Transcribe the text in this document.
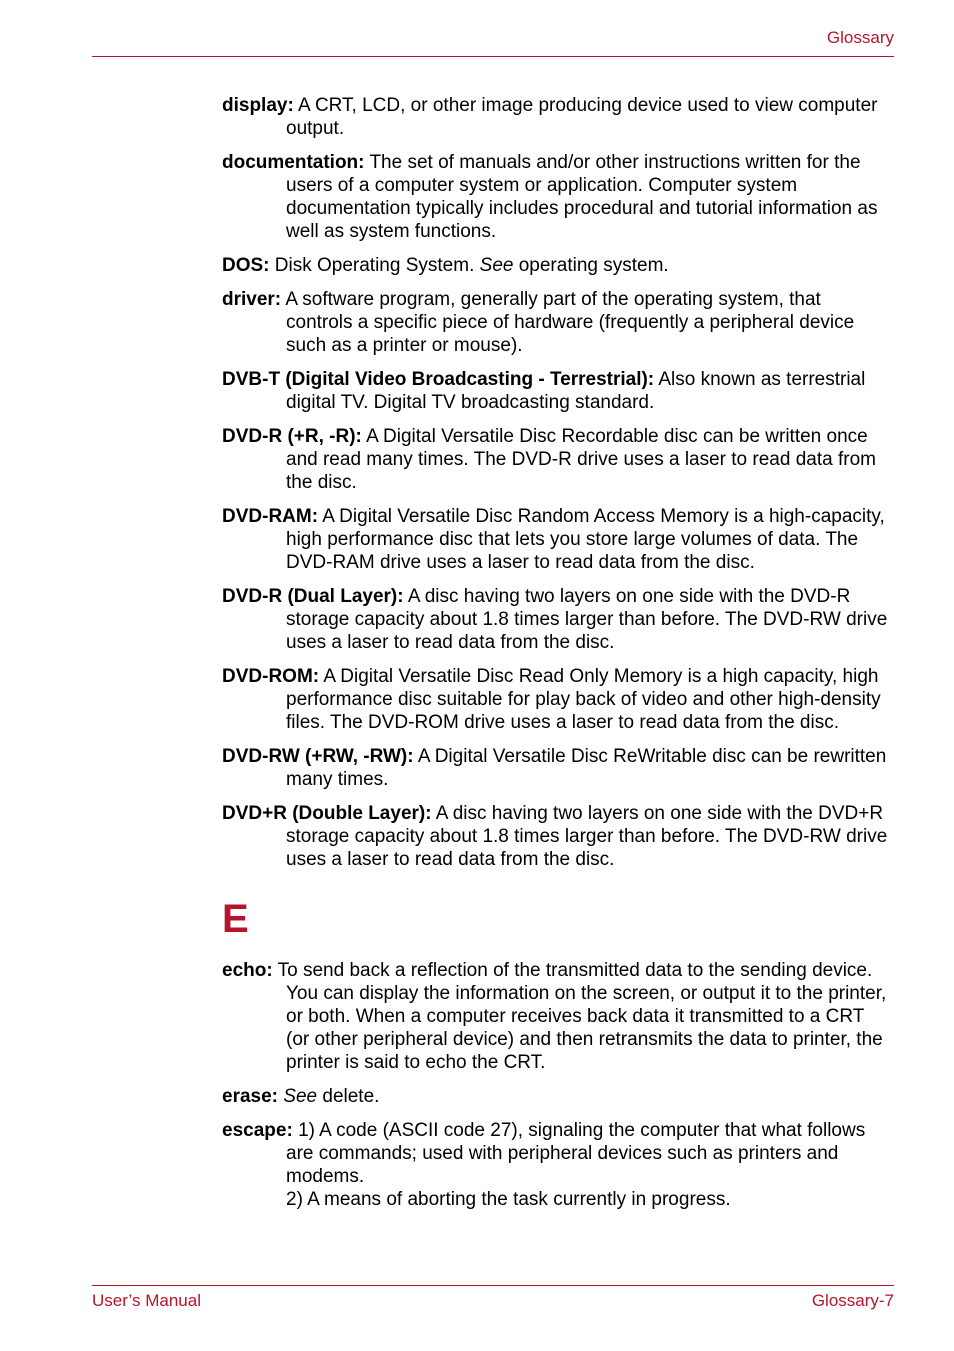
Glossary

display: A CRT, LCD, or other image producing device used to view computer output.

documentation: The set of manuals and/or other instructions written for the users of a computer system or application. Computer system documentation typically includes procedural and tutorial information as well as system functions.

DOS: Disk Operating System. See operating system.

driver: A software program, generally part of the operating system, that controls a specific piece of hardware (frequently a peripheral device such as a printer or mouse).

DVB-T (Digital Video Broadcasting - Terrestrial): Also known as terrestrial digital TV. Digital TV broadcasting standard.

DVD-R (+R, -R): A Digital Versatile Disc Recordable disc can be written once and read many times. The DVD-R drive uses a laser to read data from the disc.

DVD-RAM: A Digital Versatile Disc Random Access Memory is a high-capacity, high performance disc that lets you store large volumes of data. The DVD-RAM drive uses a laser to read data from the disc.

DVD-R (Dual Layer): A disc having two layers on one side with the DVD-R storage capacity about 1.8 times larger than before. The DVD-RW drive uses a laser to read data from the disc.

DVD-ROM: A Digital Versatile Disc Read Only Memory is a high capacity, high performance disc suitable for play back of video and other high-density files. The DVD-ROM drive uses a laser to read data from the disc.

DVD-RW (+RW, -RW): A Digital Versatile Disc ReWritable disc can be rewritten many times.

DVD+R (Double Layer): A disc having two layers on one side with the DVD+R storage capacity about 1.8 times larger than before. The DVD-RW drive uses a laser to read data from the disc.

E

echo: To send back a reflection of the transmitted data to the sending device. You can display the information on the screen, or output it to the printer, or both. When a computer receives back data it transmitted to a CRT (or other peripheral device) and then retransmits the data to printer, the printer is said to echo the CRT.

erase: See delete.

escape: 1) A code (ASCII code 27), signaling the computer that what follows are commands; used with peripheral devices such as printers and modems.
2) A means of aborting the task currently in progress.

User’s Manual	Glossary-7
